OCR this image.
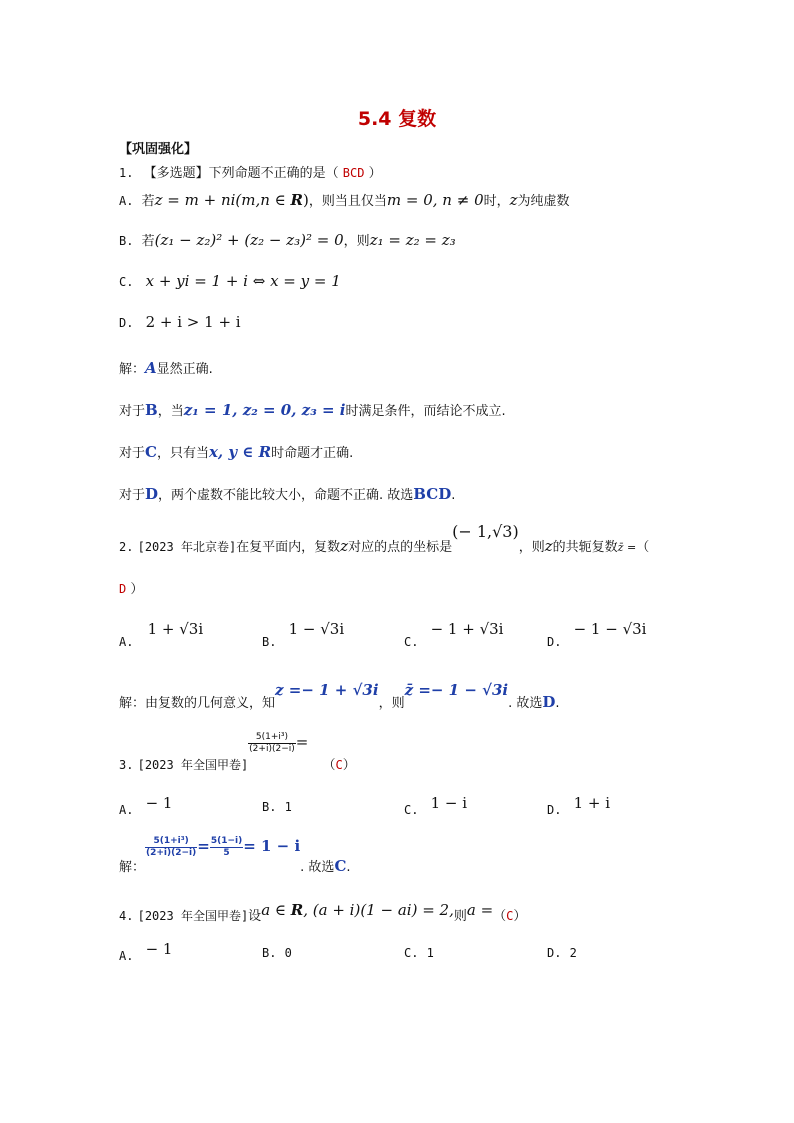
5.4 复数
【巩固强化】
1. 【多选题】下列命题不正确的是（ BCD ）
A. 若z = m + ni(m,n ∈ R)，则当且仅当m = 0, n ≠ 0时，z为纯虚数
B. 若(z₁ − z₂)² + (z₂ − z₃)² = 0，则z₁ = z₂ = z₃
C. x + yi = 1 + i ⇔ x = y = 1
D. 2 + i > 1 + i
解：A显然正确.
对于B，当z₁ = 1, z₂ = 0, z₃ = i时满足条件，而结论不成立.
对于C，只有当x, y ∈ R时命题才正确.
对于D，两个虚数不能比较大小，命题不正确. 故选BCD.
2. [2023 年北京卷]在复平面内，复数z对应的点的坐标是(− 1,√3)，则z的共轭复数z̄ =（
D ）
A. 1 + √3i
B. 1 − √3i
C. − 1 + √3i
D. − 1 − √3i
解：由复数的几何意义，知z =− 1 + √3i，则z̄ =− 1 − √3i. 故选D.
3. [2023 年全国甲卷]
$\frac{\text{5(1+i³)}}{(2+i)(2-i)} = (C)$
A. − 1	B. 1	C. 1 − i	D. 1 + i
解：
$\frac{\text{5(1+i³)}}{(2+i)(2-i)} = \frac{5(1-i)}{5} = 1 - i$. 故选C.
4. [2023 年全国甲卷]设a ∈ R, (a + i)(1 − ai) = 2,则a =（C）
A. − 1	B. 0	C. 1	D. 2
